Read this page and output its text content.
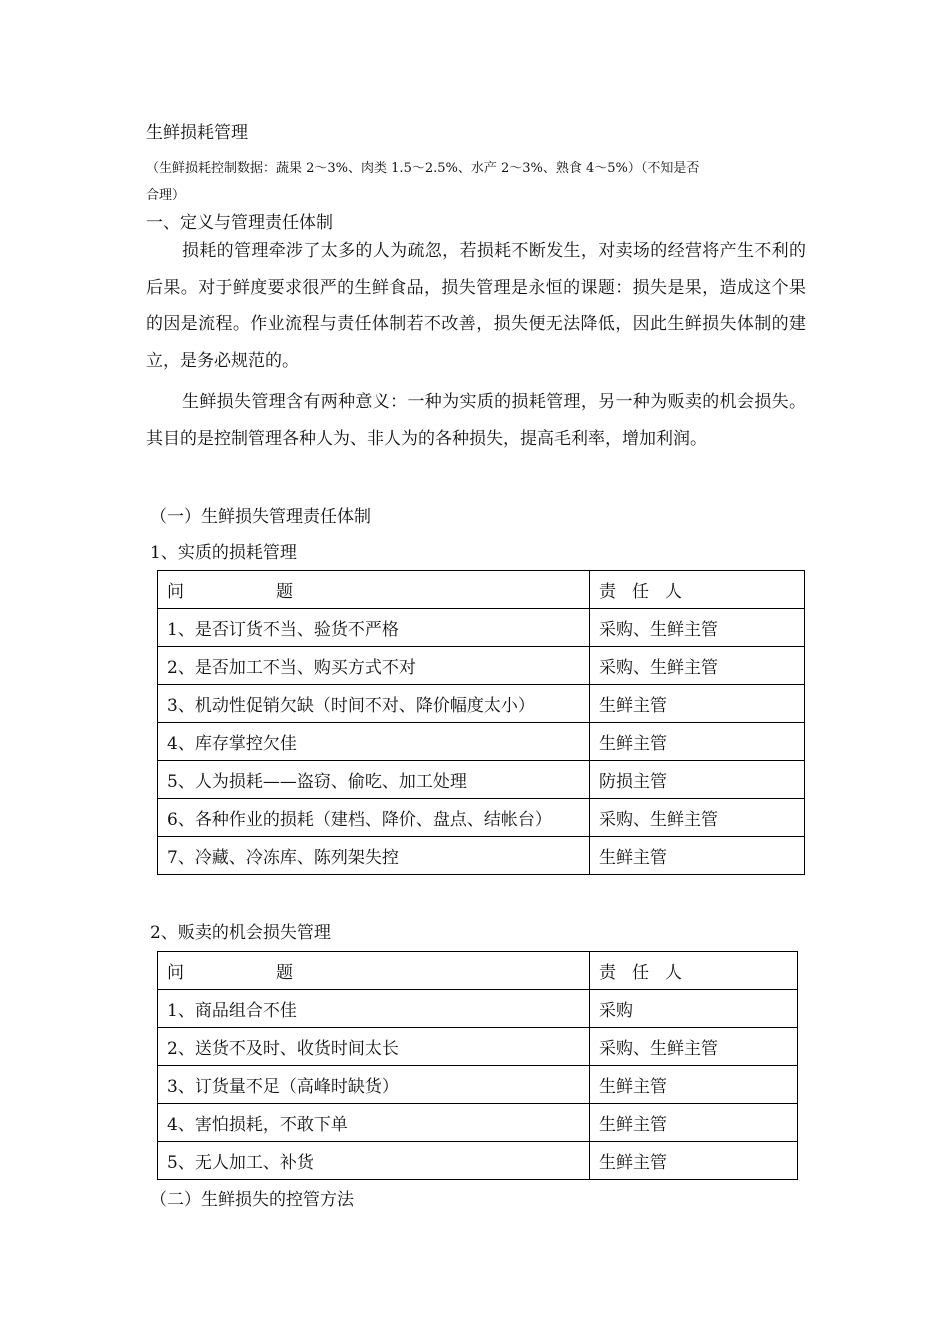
生鲜损耗管理
（生鲜损耗控制数据：蔬果 2～3%、肉类 1.5～2.5%、水产 2～3%、熟食 4～5%）（不知是否
合理）
一、定义与管理责任体制
损耗的管理牵涉了太多的人为疏忽，若损耗不断发生，对卖场的经营将产生不利的后果。对于鲜度要求很严的生鲜食品，损失管理是永恒的课题：损失是果，造成这个果的因是流程。作业流程与责任体制若不改善，损失便无法降低，因此生鲜损失体制的建立，是务必规范的。
生鲜损失管理含有两种意义：一种为实质的损耗管理，另一种为贩卖的机会损失。其目的是控制管理各种人为、非人为的各种损失，提高毛利率，增加利润。
（一）生鲜损失管理责任体制
1、实质的损耗管理
问 题	责 任 人
1、是否订货不当、验货不严格	采购、生鲜主管
2、是否加工不当、购买方式不对	采购、生鲜主管
3、机动性促销欠缺（时间不对、降价幅度太小）	生鲜主管
4、库存掌控欠佳	生鲜主管
5、人为损耗——盗窃、偷吃、加工处理	防损主管
6、各种作业的损耗（建档、降价、盘点、结帐台）	采购、生鲜主管
7、冷藏、冷冻库、陈列架失控	生鲜主管
2、贩卖的机会损失管理
问 题	责 任 人
1、商品组合不佳	采购
2、送货不及时、收货时间太长	采购、生鲜主管
3、订货量不足（高峰时缺货）	生鲜主管
4、害怕损耗，不敢下单	生鲜主管
5、无人加工、补货	生鲜主管
（二）生鲜损失的控管方法
